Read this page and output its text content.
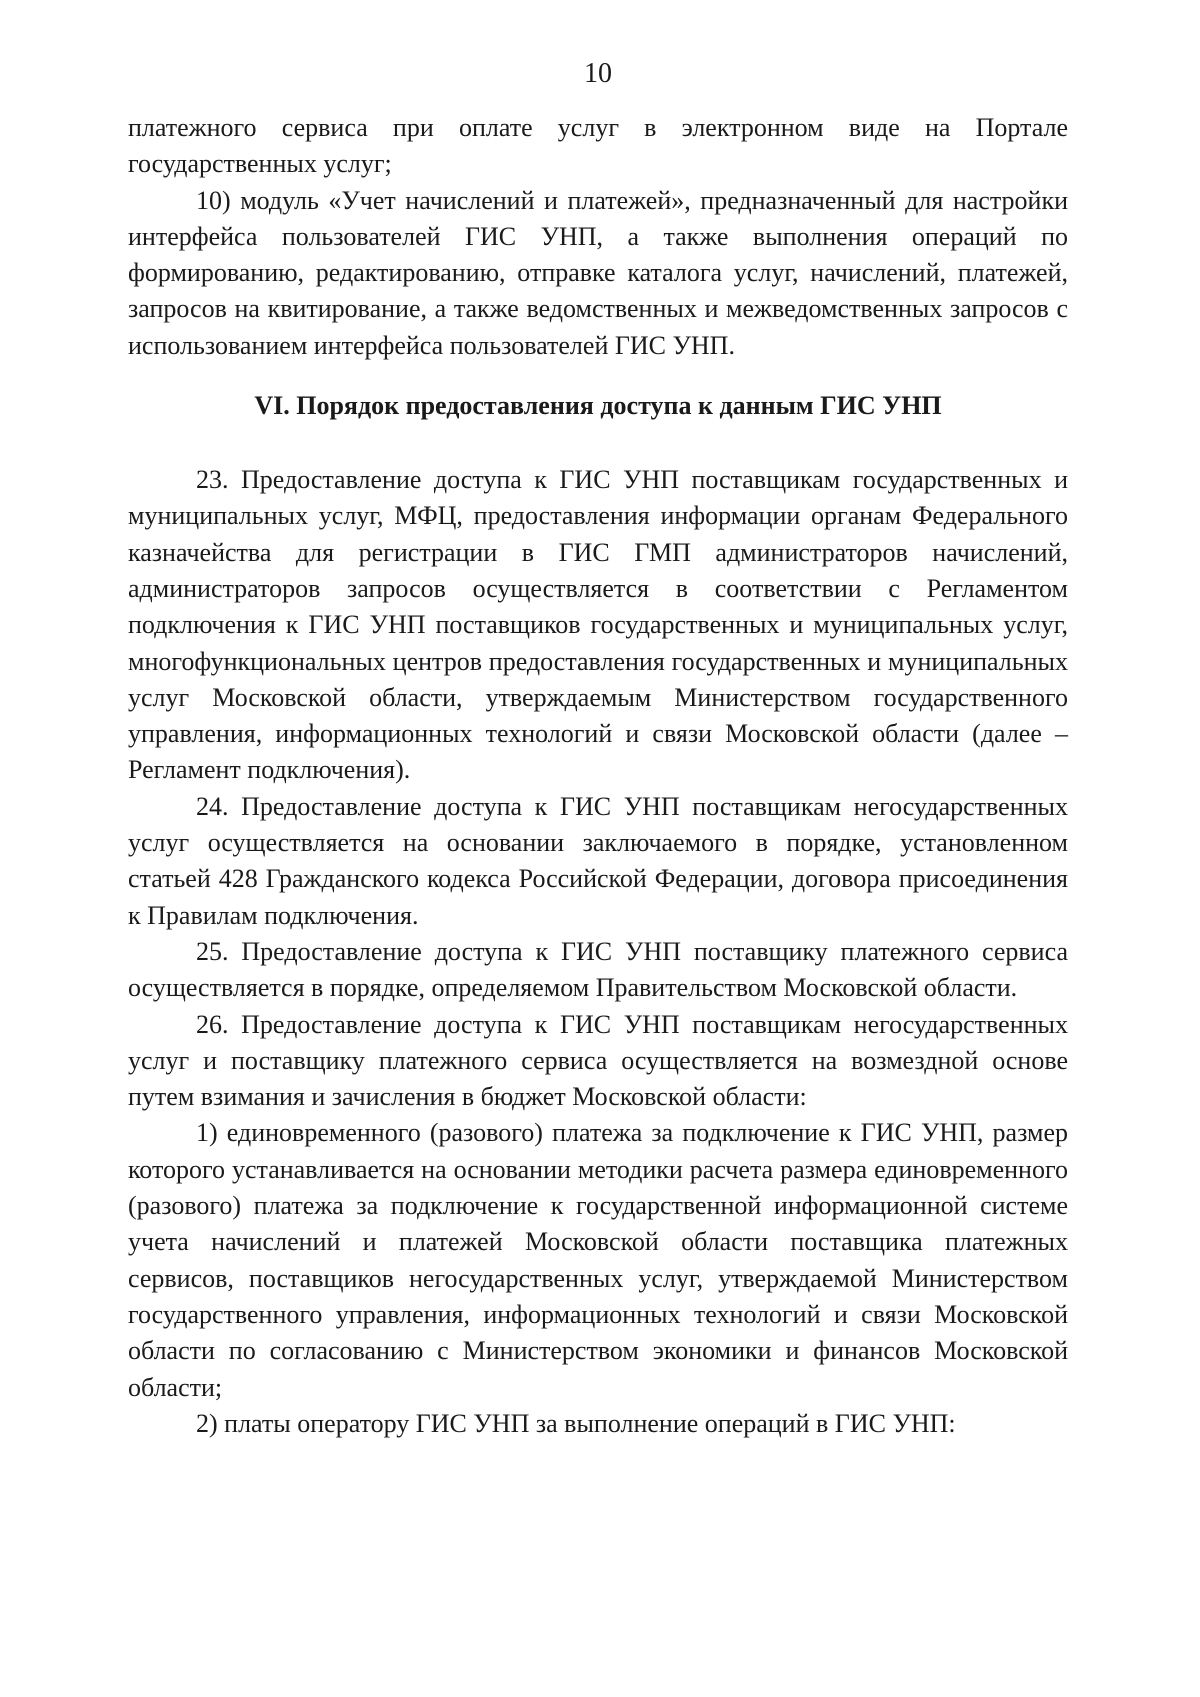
10

платежного сервиса при оплате услуг в электронном виде на Портале государственных услуг;

10) модуль «Учет начислений и платежей», предназначенный для настройки интерфейса пользователей ГИС УНП, а также выполнения операций по формированию, редактированию, отправке каталога услуг, начислений, платежей, запросов на квитирование, а также ведомственных и межведомственных запросов с использованием интерфейса пользователей ГИС УНП.

VI. Порядок предоставления доступа к данным ГИС УНП

23. Предоставление доступа к ГИС УНП поставщикам государственных и муниципальных услуг, МФЦ, предоставления информации органам Федерального казначейства для регистрации в ГИС ГМП администраторов начислений, администраторов запросов осуществляется в соответствии с Регламентом подключения к ГИС УНП поставщиков государственных и муниципальных услуг, многофункциональных центров предоставления государственных и муниципальных услуг Московской области, утверждаемым Министерством государственного управления, информационных технологий и связи Московской области (далее – Регламент подключения).

24. Предоставление доступа к ГИС УНП поставщикам негосударственных услуг осуществляется на основании заключаемого в порядке, установленном статьей 428 Гражданского кодекса Российской Федерации, договора присоединения к Правилам подключения.

25. Предоставление доступа к ГИС УНП поставщику платежного сервиса осуществляется в порядке, определяемом Правительством Московской области.

26. Предоставление доступа к ГИС УНП поставщикам негосударственных услуг и поставщику платежного сервиса осуществляется на возмездной основе путем взимания и зачисления в бюджет Московской области:

1) единовременного (разового) платежа за подключение к ГИС УНП, размер которого устанавливается на основании методики расчета размера единовременного (разового) платежа за подключение к государственной информационной системе учета начислений и платежей Московской области поставщика платежных сервисов, поставщиков негосударственных услуг, утверждаемой Министерством государственного управления, информационных технологий и связи Московской области по согласованию с Министерством экономики и финансов Московской области;

2) платы оператору ГИС УНП за выполнение операций в ГИС УНП:
